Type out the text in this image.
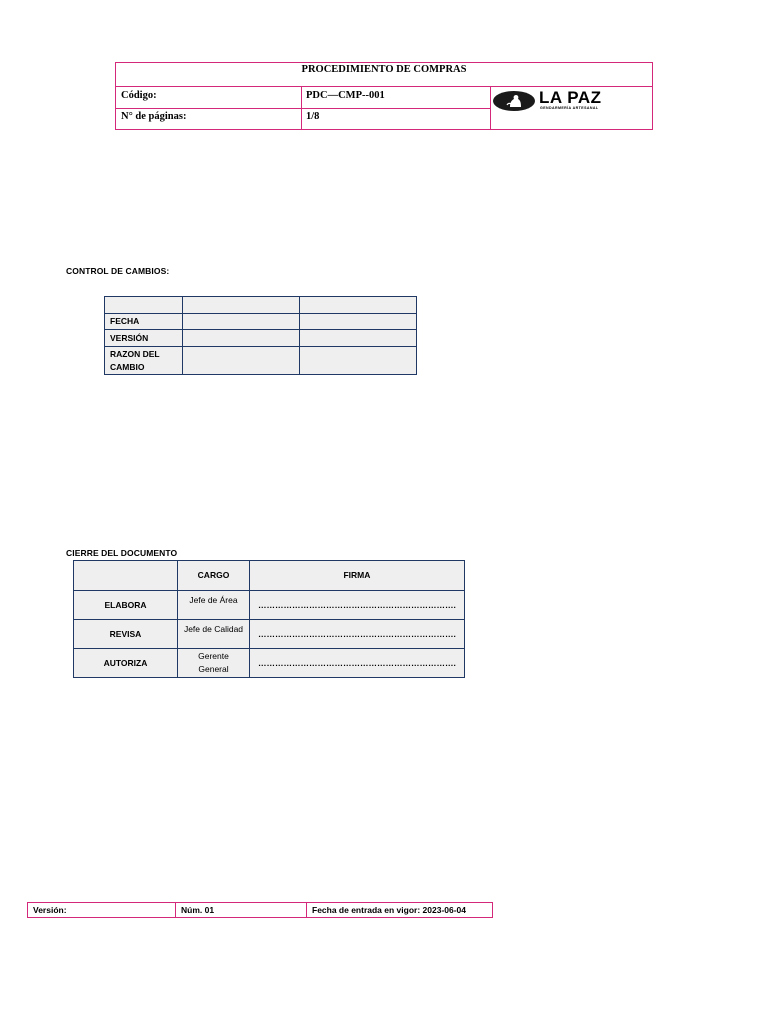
PROCEDIMIENTO DE COMPRAS
Código:	PDC—CMP--001
N° de páginas:	1/8
LA PAZ
GENDARMERÍA ARTESANAL
CONTROL DE CAMBIOS:

FECHA		
VERSIÓN		
RAZON DEL CAMBIO		
CIERRE DEL DOCUMENTO
	CARGO	FIRMA
ELABORA	Jefe de Área	…………………………………………………………….
REVISA	Jefe de Calidad	…………………………………………………………….
AUTORIZA	Gerente General	…………………………………………………………….
Versión:	Núm. 01	Fecha de entrada en vigor: 2023-06-04
